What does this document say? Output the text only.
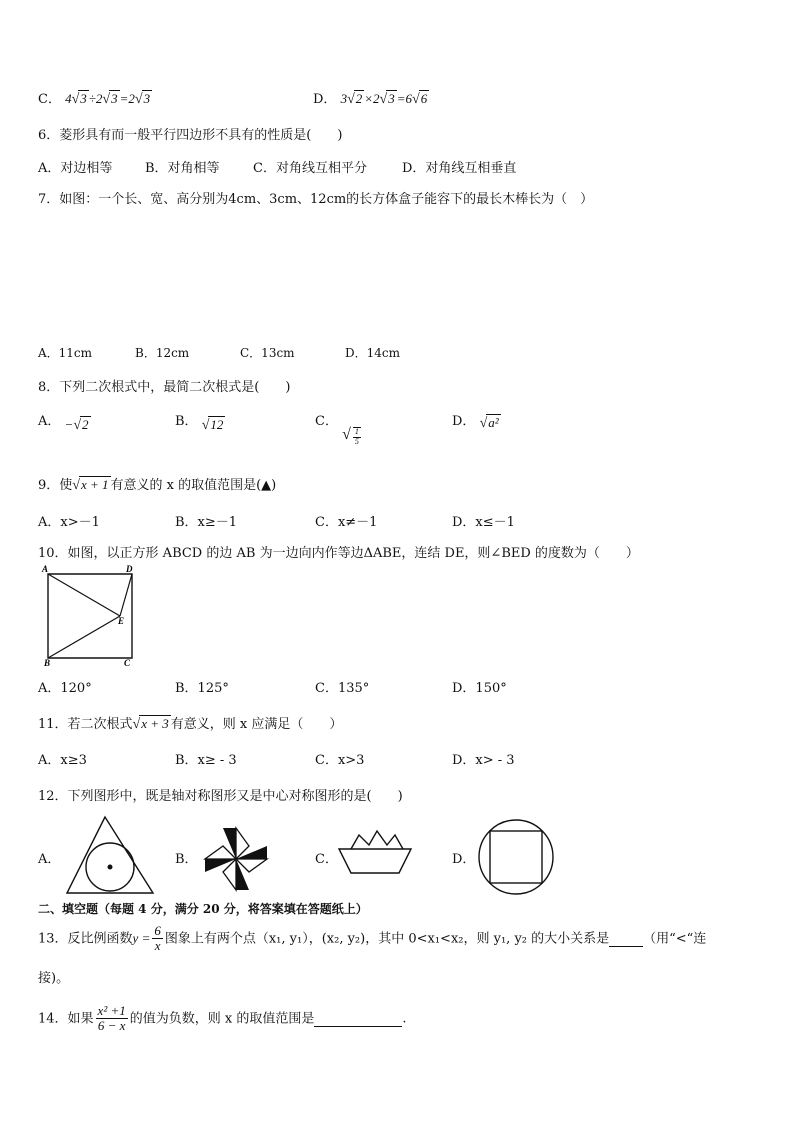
C． 4√3 ÷2√3 =2√3	D． 3√2 ×2√3 =6√6
6．菱形具有而一般平行四边形不具有的性质是(　　)
A．对边相等	B．对角相等	C．对角线互相平分	D．对角线互相垂直
7．如图：一个长、宽、高分别为4cm、3cm、12cm的长方体盒子能容下的最长木棒长为（　）
A．11cm	B．12cm	C．13cm	D．14cm
8．下列二次根式中，最简二次根式是(　　)
A． −√2	B． √12	C． $_{√ \frac{1}{5}}$
D． √a²
9．使√x + 1 有意义的 x 的取值范围是(▲)
A．x>－1	B．x≥－1	C．x≠－1	D．x≤－1
10．如图，以正方形 ABCD 的边 AB 为一边向内作等边ΔABE，连结 DE，则∠BED 的度数为（　　）
A	D
E
B	C
A．120°	B．125°	C．135°	D．150°
11．若二次根式√x + 3 有意义，则 x 应满足（　　）
A．x≥3	B．x≥ - 3	C．x>3	D．x> - 3
12．下列图形中，既是轴对称图形又是中心对称图形的是(　　)
A．	B．	C．	D．
二、填空题（每题 4 分，满分 20 分，将答案填在答题纸上）
13．反比例函数$y = \frac{6}{x}$ 图象上有两个点（x₁, y₁），(x₂, y₂)，其中 0<x₁<x₂，则 y₁, y₂ 的大小关系是	（用“<“连
接)。
14．如果 $\frac{\text{x² +1}}{6 - x}$ 的值为负数，则 x 的取值范围是	.
